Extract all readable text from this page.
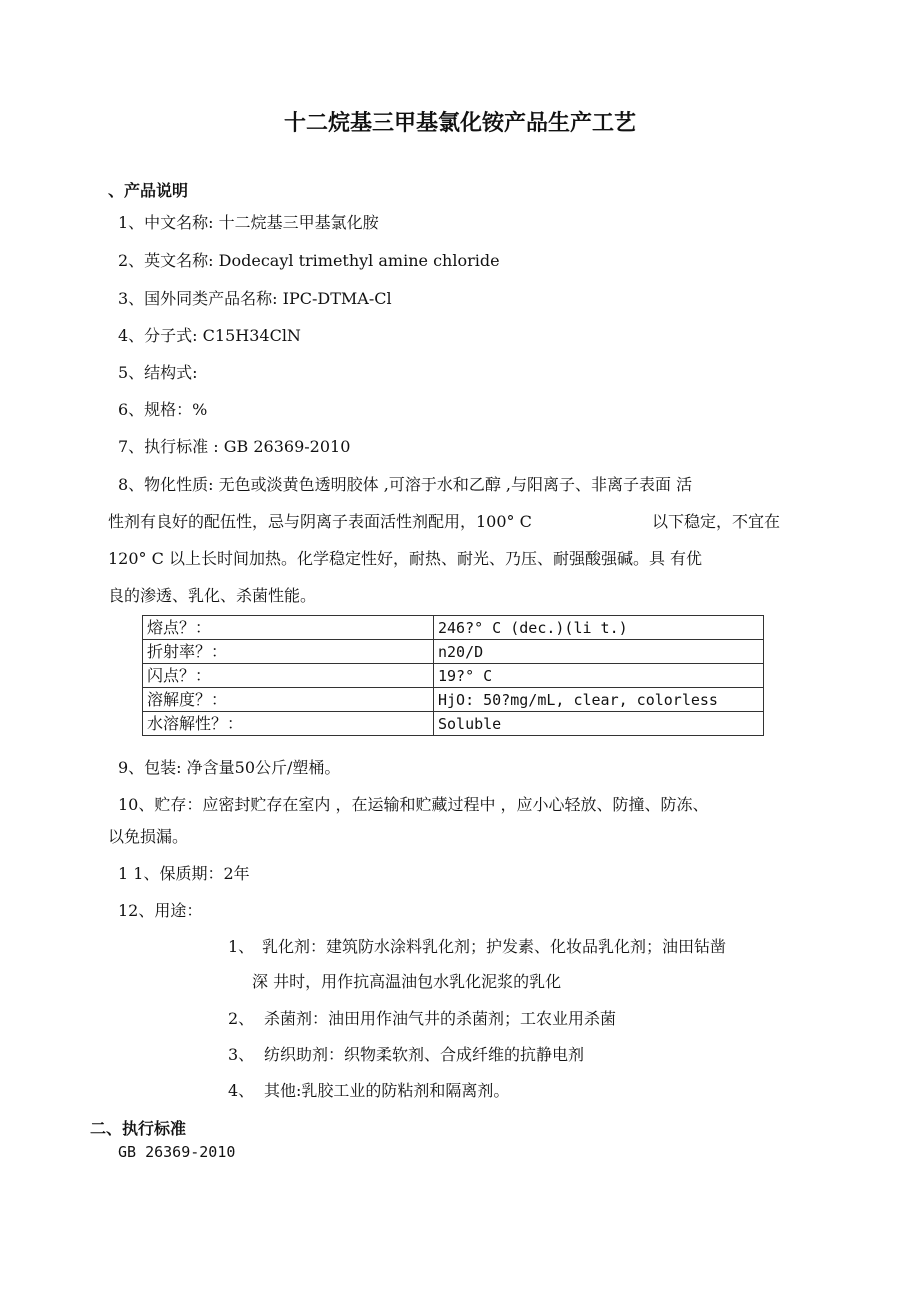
十二烷基三甲基氯化铵产品生产工艺
、产品说明
1、中文名称: 十二烷基三甲基氯化胺
2、英文名称: Dodecayl trimethyl amine chloride
3、国外同类产品名称: IPC-DTMA-Cl
4、分子式: C15H34ClN
5、结构式:
6、规格：%
7、执行标准 : GB 26369-2010
8、物化性质: 无色或淡黄色透明胶体 ,可溶于水和乙醇 ,与阳离子、非离子表面 活
性剂有良好的配伍性，忌与阴离子表面活性剂配用，100° C	以下稳定，不宜在
120° C 以上长时间加热。化学稳定性好，耐热、耐光、乃压、耐强酸强碱。具 有优
良的渗透、乳化、杀菌性能。
熔点？：	246?° C (dec.)(li t.)
折射率？：	n20/D
闪点？：	19?° C
溶解度？：	HjO: 50?mg/mL, clear, colorless
水溶解性？：	Soluble
9、包装: 净含量50公斤/塑桶。
10、贮存：应密封贮存在室内 ，在运输和贮藏过程中 ，应小心轻放、防撞、防冻、
以免损漏。
1 1、保质期：2年
12、用途：
1、 乳化剂：建筑防水涂料乳化剂；护发素、化妆品乳化剂；油田钻凿
深 井时，用作抗高温油包水乳化泥浆的乳化
2、 杀菌剂：油田用作油气井的杀菌剂；工农业用杀菌
3、 纺织助剂：织物柔软剂、合成纤维的抗静电剂
4、 其他:乳胶工业的防粘剂和隔离剂。
二、执行标准
GB 26369-2010
